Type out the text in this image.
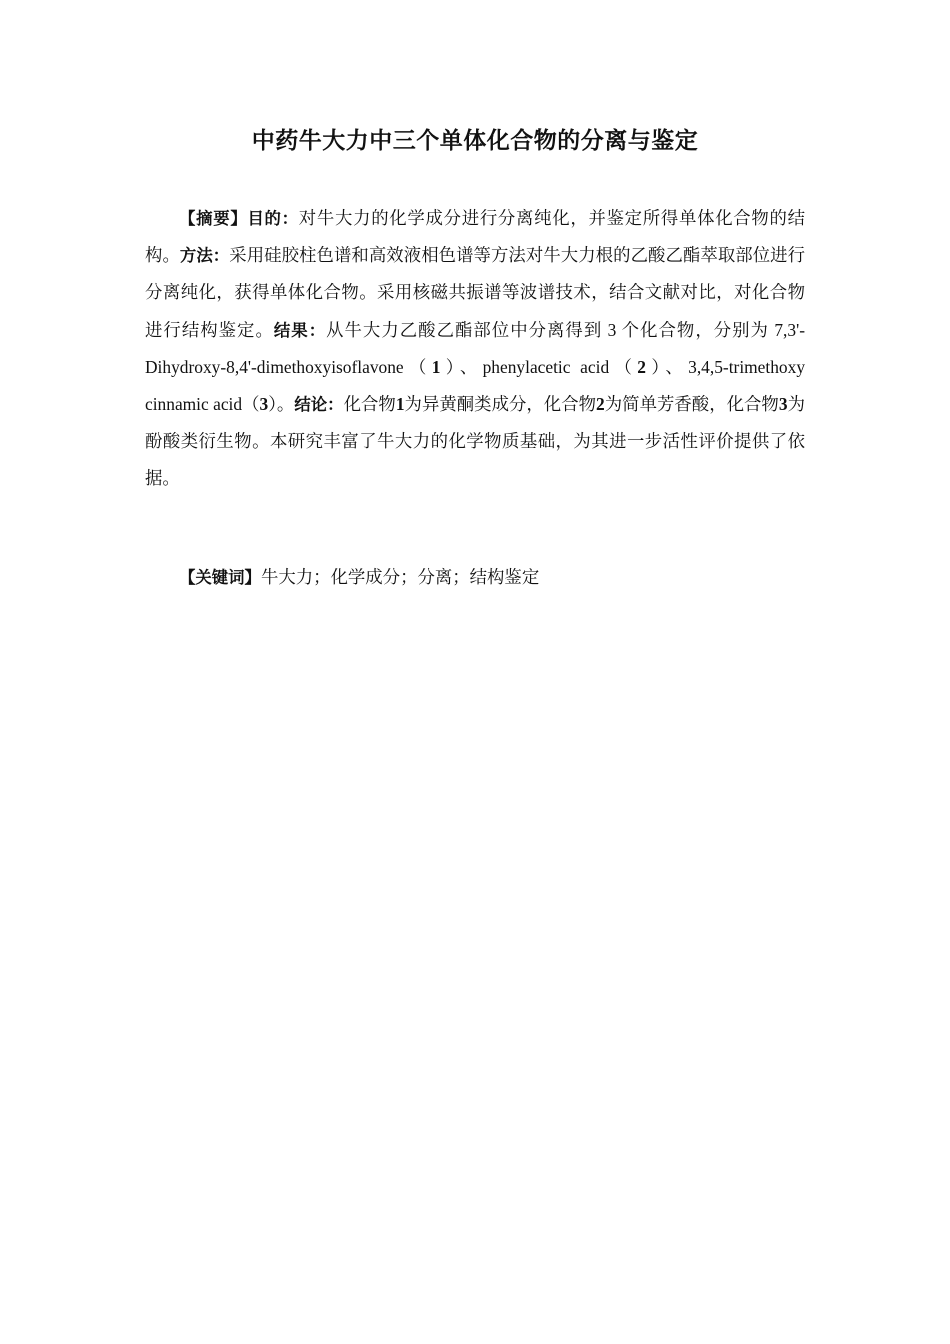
中药牛大力中三个单体化合物的分离与鉴定

【摘要】目的：对牛大力的化学成分进行分离纯化，并鉴定所得单体化合物的结构。方法：采用硅胶柱色谱和高效液相色谱等方法对牛大力根的乙酸乙酯萃取部位进行分离纯化，获得单体化合物。采用核磁共振谱等波谱技术，结合文献对比，对化合物进行结构鉴定。结果：从牛大力乙酸乙酯部位中分离得到 3 个化合物，分别为 7,3'-Dihydroxy-8,4'-dimethoxyisoflavone（1）、phenylacetic acid（2）、3,4,5-trimethoxy cinnamic acid（3）。结论：化合物1为异黄酮类成分，化合物2为简单芳香酸，化合物3为酚酸类衍生物。本研究丰富了牛大力的化学物质基础，为其进一步活性评价提供了依据。

【关键词】牛大力；化学成分；分离；结构鉴定
